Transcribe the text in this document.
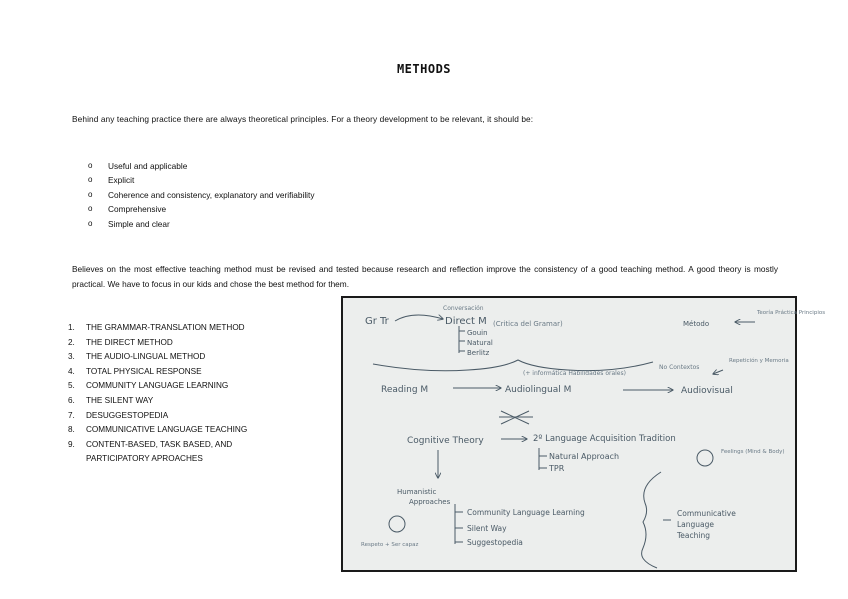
METHODS
Behind any teaching practice there are always theoretical principles. For a theory development to be relevant, it should be:
o	Useful and applicable
o	Explicit
o	Coherence and consistency, explanatory and verifiability
o	Comprehensive
o	Simple and clear
Believes on the most effective teaching method must be revised and tested because research and reflection improve the consistency of a good teaching method. A good theory is mostly practical. We have to focus in our kids and chose the best method for them.
1.	THE GRAMMAR-TRANSLATION METHOD
2.	THE DIRECT METHOD
3.	THE AUDIO-LINGUAL METHOD
4.	TOTAL PHYSICAL RESPONSE
5.	COMMUNITY LANGUAGE LEARNING
6.	THE SILENT WAY
7.	DESUGGESTOPEDIA
8.	COMMUNICATIVE LANGUAGE TEACHING
9.	CONTENT-BASED, TASK BASED, AND PARTICIPATORY APROACHES
Gr Tr
Conversación
Direct M (Critica del Gramar)	Método
Teoría Práctica Principios
Gouin
Natural
Berlitz
(+ informática Habilidades orales)
No Contextos
Repetición y Memoria
Reading M	Audiolingual M	Audiovisual
Cognitive Theory	2º Language Acquisition Tradition
Natural Approach
TPR
Feelings (Mind & Body)
Humanistic
Approaches
Community Language Learning
Silent Way
Suggestopedia
Respeto + Ser capaz
Communicative
Language
Teaching
